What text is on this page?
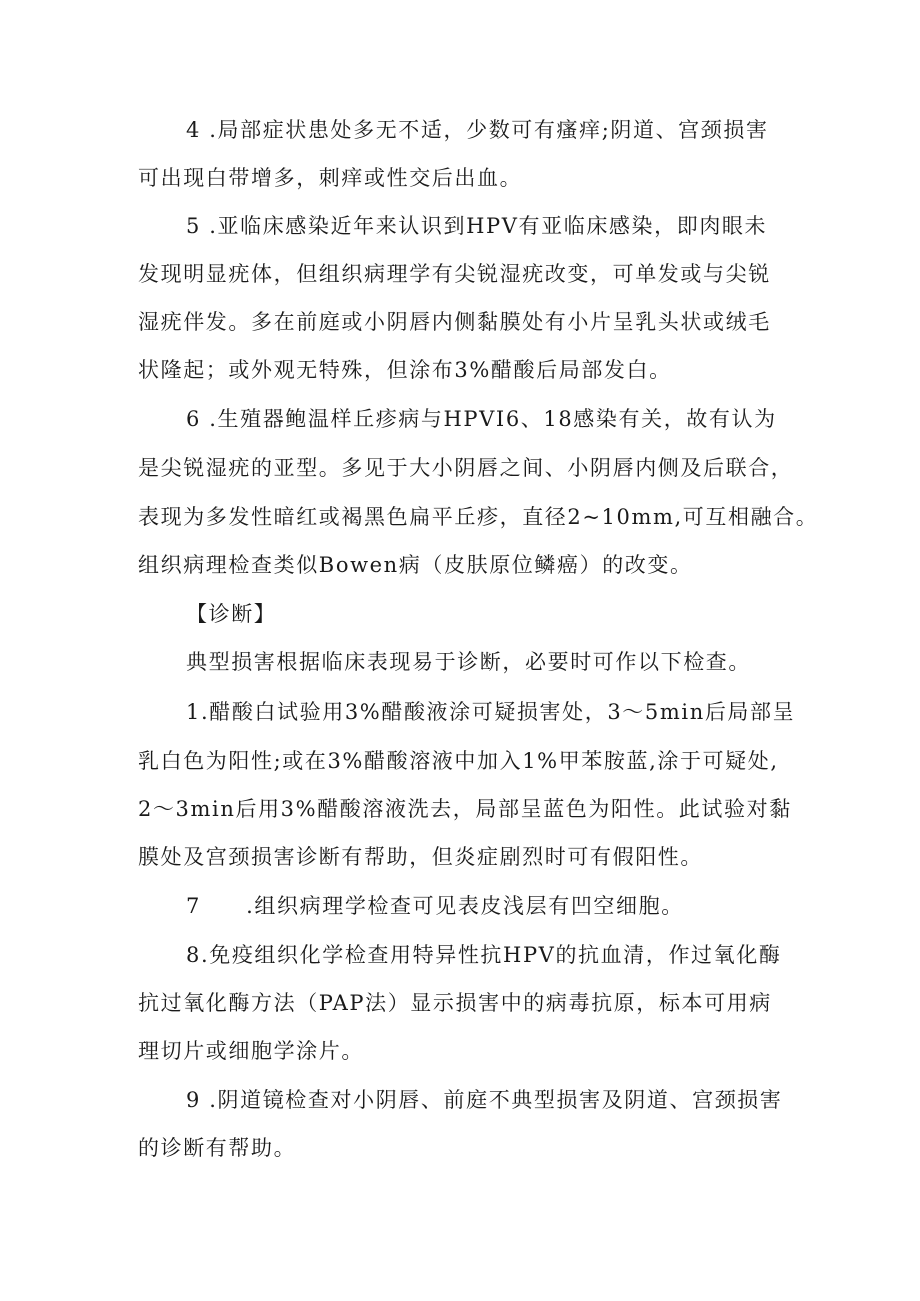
4 .局部症状患处多无不适，少数可有瘙痒;阴道、宫颈损害

可出现白带增多，刺痒或性交后出血。

5 .亚临床感染近年来认识到HPV有亚临床感染，即肉眼未

发现明显疣体，但组织病理学有尖锐湿疣改变，可单发或与尖锐

湿疣伴发。多在前庭或小阴唇内侧黏膜处有小片呈乳头状或绒毛

状隆起；或外观无特殊，但涂布3%醋酸后局部发白。

6 .生殖器鲍温样丘疹病与HPVI6、18感染有关，故有认为

是尖锐湿疣的亚型。多见于大小阴唇之间、小阴唇内侧及后联合，

表现为多发性暗红或褐黑色扁平丘疹，直径2~10mm,可互相融合。

组织病理检查类似Bowen病（皮肤原位鳞癌）的改变。

【诊断】

典型损害根据临床表现易于诊断，必要时可作以下检查。

1.醋酸白试验用3%醋酸液涂可疑损害处，3～5min后局部呈

乳白色为阳性;或在3%醋酸溶液中加入1%甲苯胺蓝,涂于可疑处,

2～3min后用3%醋酸溶液洗去，局部呈蓝色为阳性。此试验对黏

膜处及宫颈损害诊断有帮助，但炎症剧烈时可有假阳性。

7　　.组织病理学检查可见表皮浅层有凹空细胞。

8.免疫组织化学检查用特异性抗HPV的抗血清，作过氧化酶

抗过氧化酶方法（PAP法）显示损害中的病毒抗原，标本可用病

理切片或细胞学涂片。

9 .阴道镜检查对小阴唇、前庭不典型损害及阴道、宫颈损害

的诊断有帮助。
